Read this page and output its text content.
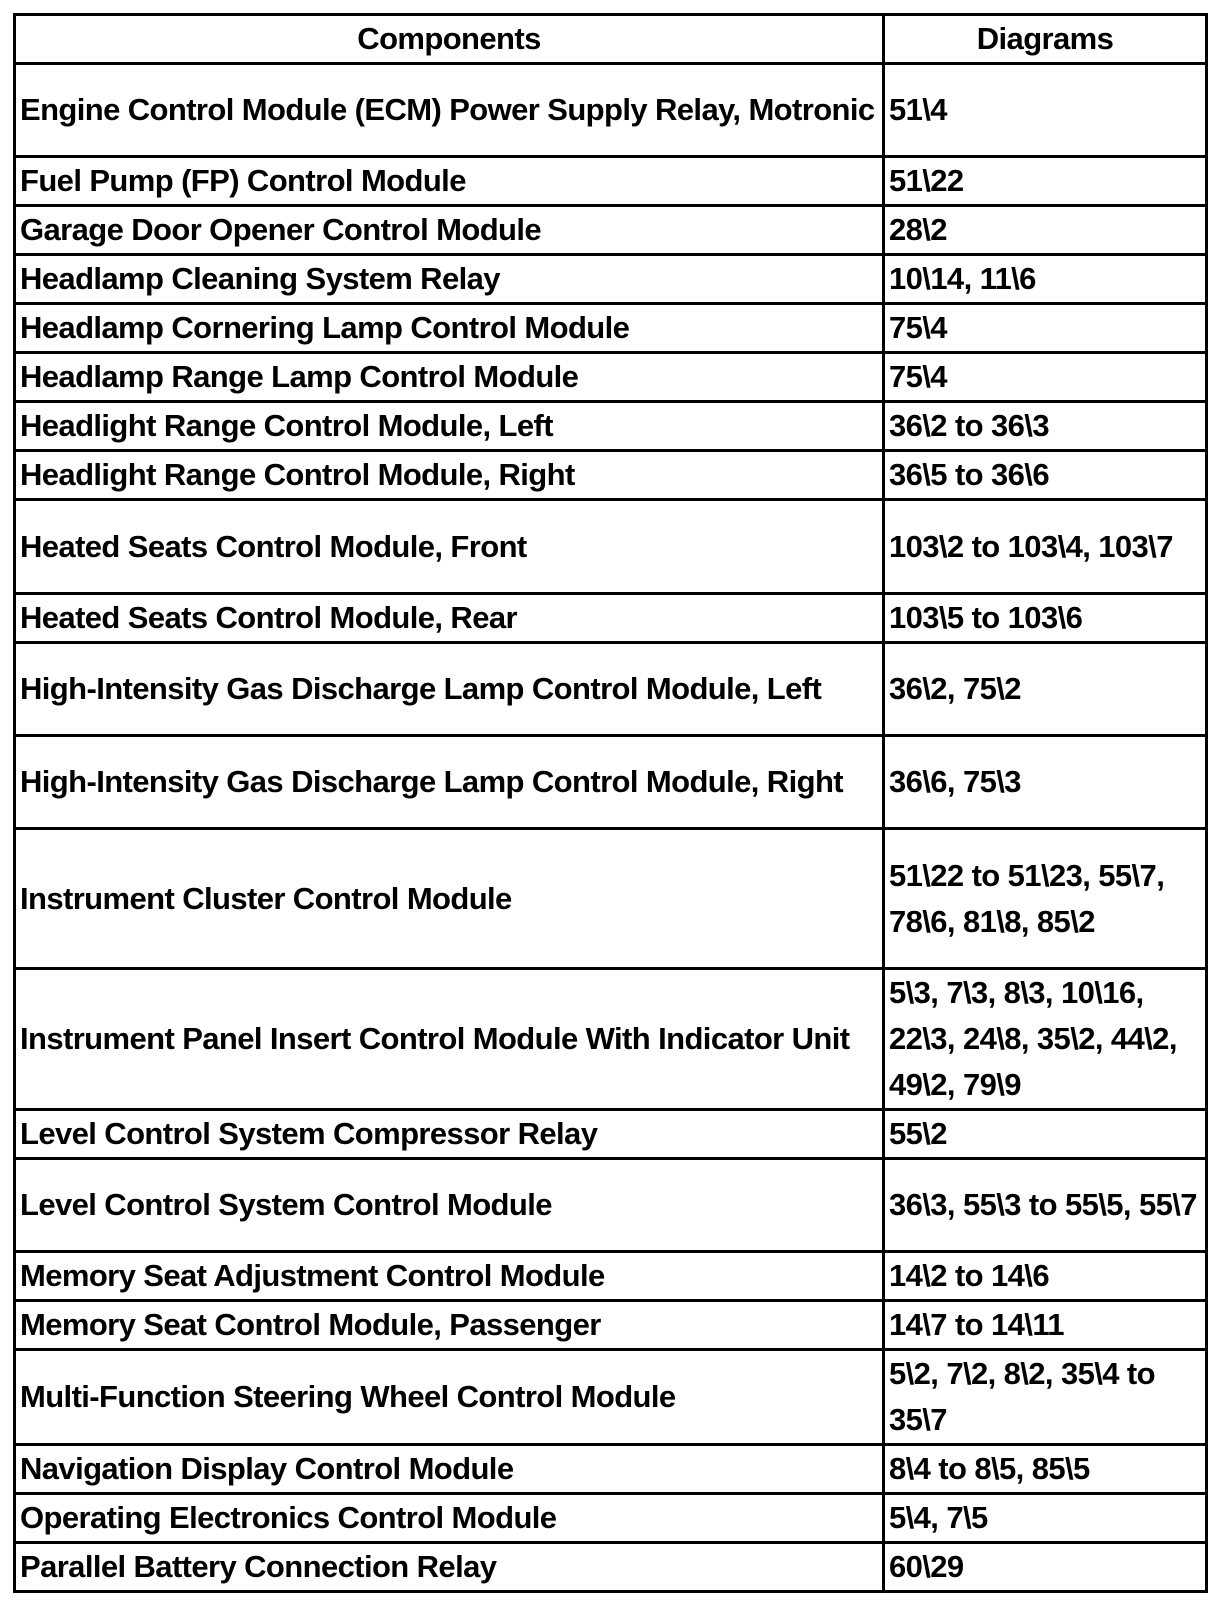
Components	Diagrams
Engine Control Module (ECM) Power Supply Relay, Motronic	51\4
Fuel Pump (FP) Control Module	51\22
Garage Door Opener Control Module	28\2
Headlamp Cleaning System Relay	10\14, 11\6
Headlamp Cornering Lamp Control Module	75\4
Headlamp Range Lamp Control Module	75\4
Headlight Range Control Module, Left	36\2 to 36\3
Headlight Range Control Module, Right	36\5 to 36\6
Heated Seats Control Module, Front	103\2 to 103\4, 103\7
Heated Seats Control Module, Rear	103\5 to 103\6
High-Intensity Gas Discharge Lamp Control Module, Left	36\2, 75\2
High-Intensity Gas Discharge Lamp Control Module, Right	36\6, 75\3
Instrument Cluster Control Module	51\22 to 51\23, 55\7, 78\6, 81\8, 85\2
Instrument Panel Insert Control Module With Indicator Unit	5\3, 7\3, 8\3, 10\16, 22\3, 24\8, 35\2, 44\2, 49\2, 79\9
Level Control System Compressor Relay	55\2
Level Control System Control Module	36\3, 55\3 to 55\5, 55\7
Memory Seat Adjustment Control Module	14\2 to 14\6
Memory Seat Control Module, Passenger	14\7 to 14\11
Multi-Function Steering Wheel Control Module	5\2, 7\2, 8\2, 35\4 to 35\7
Navigation Display Control Module	8\4 to 8\5, 85\5
Operating Electronics Control Module	5\4, 7\5
Parallel Battery Connection Relay	60\29
